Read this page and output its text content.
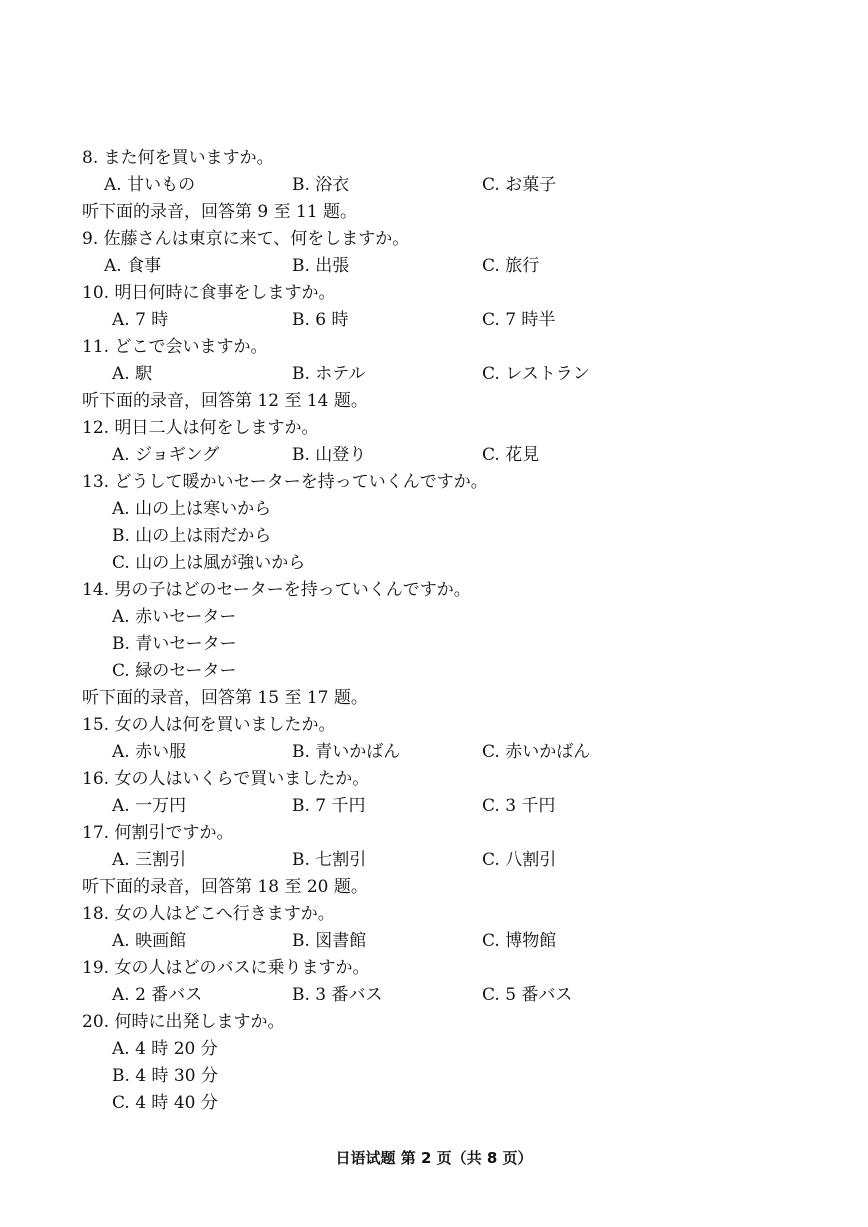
8. また何を買いますか。
A. 甘いもの	B. 浴衣	C. お菓子
听下面的录音，回答第 9 至 11 题。
9. 佐藤さんは東京に来て、何をしますか。
A. 食事	B. 出張	C. 旅行
10. 明日何時に食事をしますか。
A. 7 時	B. 6 時	C. 7 時半
11. どこで会いますか。
A. 駅	B. ホテル	C. レストラン
听下面的录音，回答第 12 至 14 题。
12. 明日二人は何をしますか。
A. ジョギング	B. 山登り	C. 花見
13. どうして暖かいセーターを持っていくんですか。
A. 山の上は寒いから
B. 山の上は雨だから
C. 山の上は風が強いから
14. 男の子はどのセーターを持っていくんですか。
A. 赤いセーター
B. 青いセーター
C. 緑のセーター
听下面的录音，回答第 15 至 17 题。
15. 女の人は何を買いましたか。
A. 赤い服	B. 青いかばん	C. 赤いかばん
16. 女の人はいくらで買いましたか。
A. 一万円	B. 7 千円	C. 3 千円
17. 何割引ですか。
A. 三割引	B. 七割引	C. 八割引
听下面的录音，回答第 18 至 20 题。
18. 女の人はどこへ行きますか。
A. 映画館	B. 図書館	C. 博物館
19. 女の人はどのバスに乗りますか。
A. 2 番バス	B. 3 番バス	C. 5 番バス
20. 何時に出発しますか。
A. 4 時 20 分
B. 4 時 30 分
C. 4 時 40 分
日语试题 第 2 页（共 8 页）
